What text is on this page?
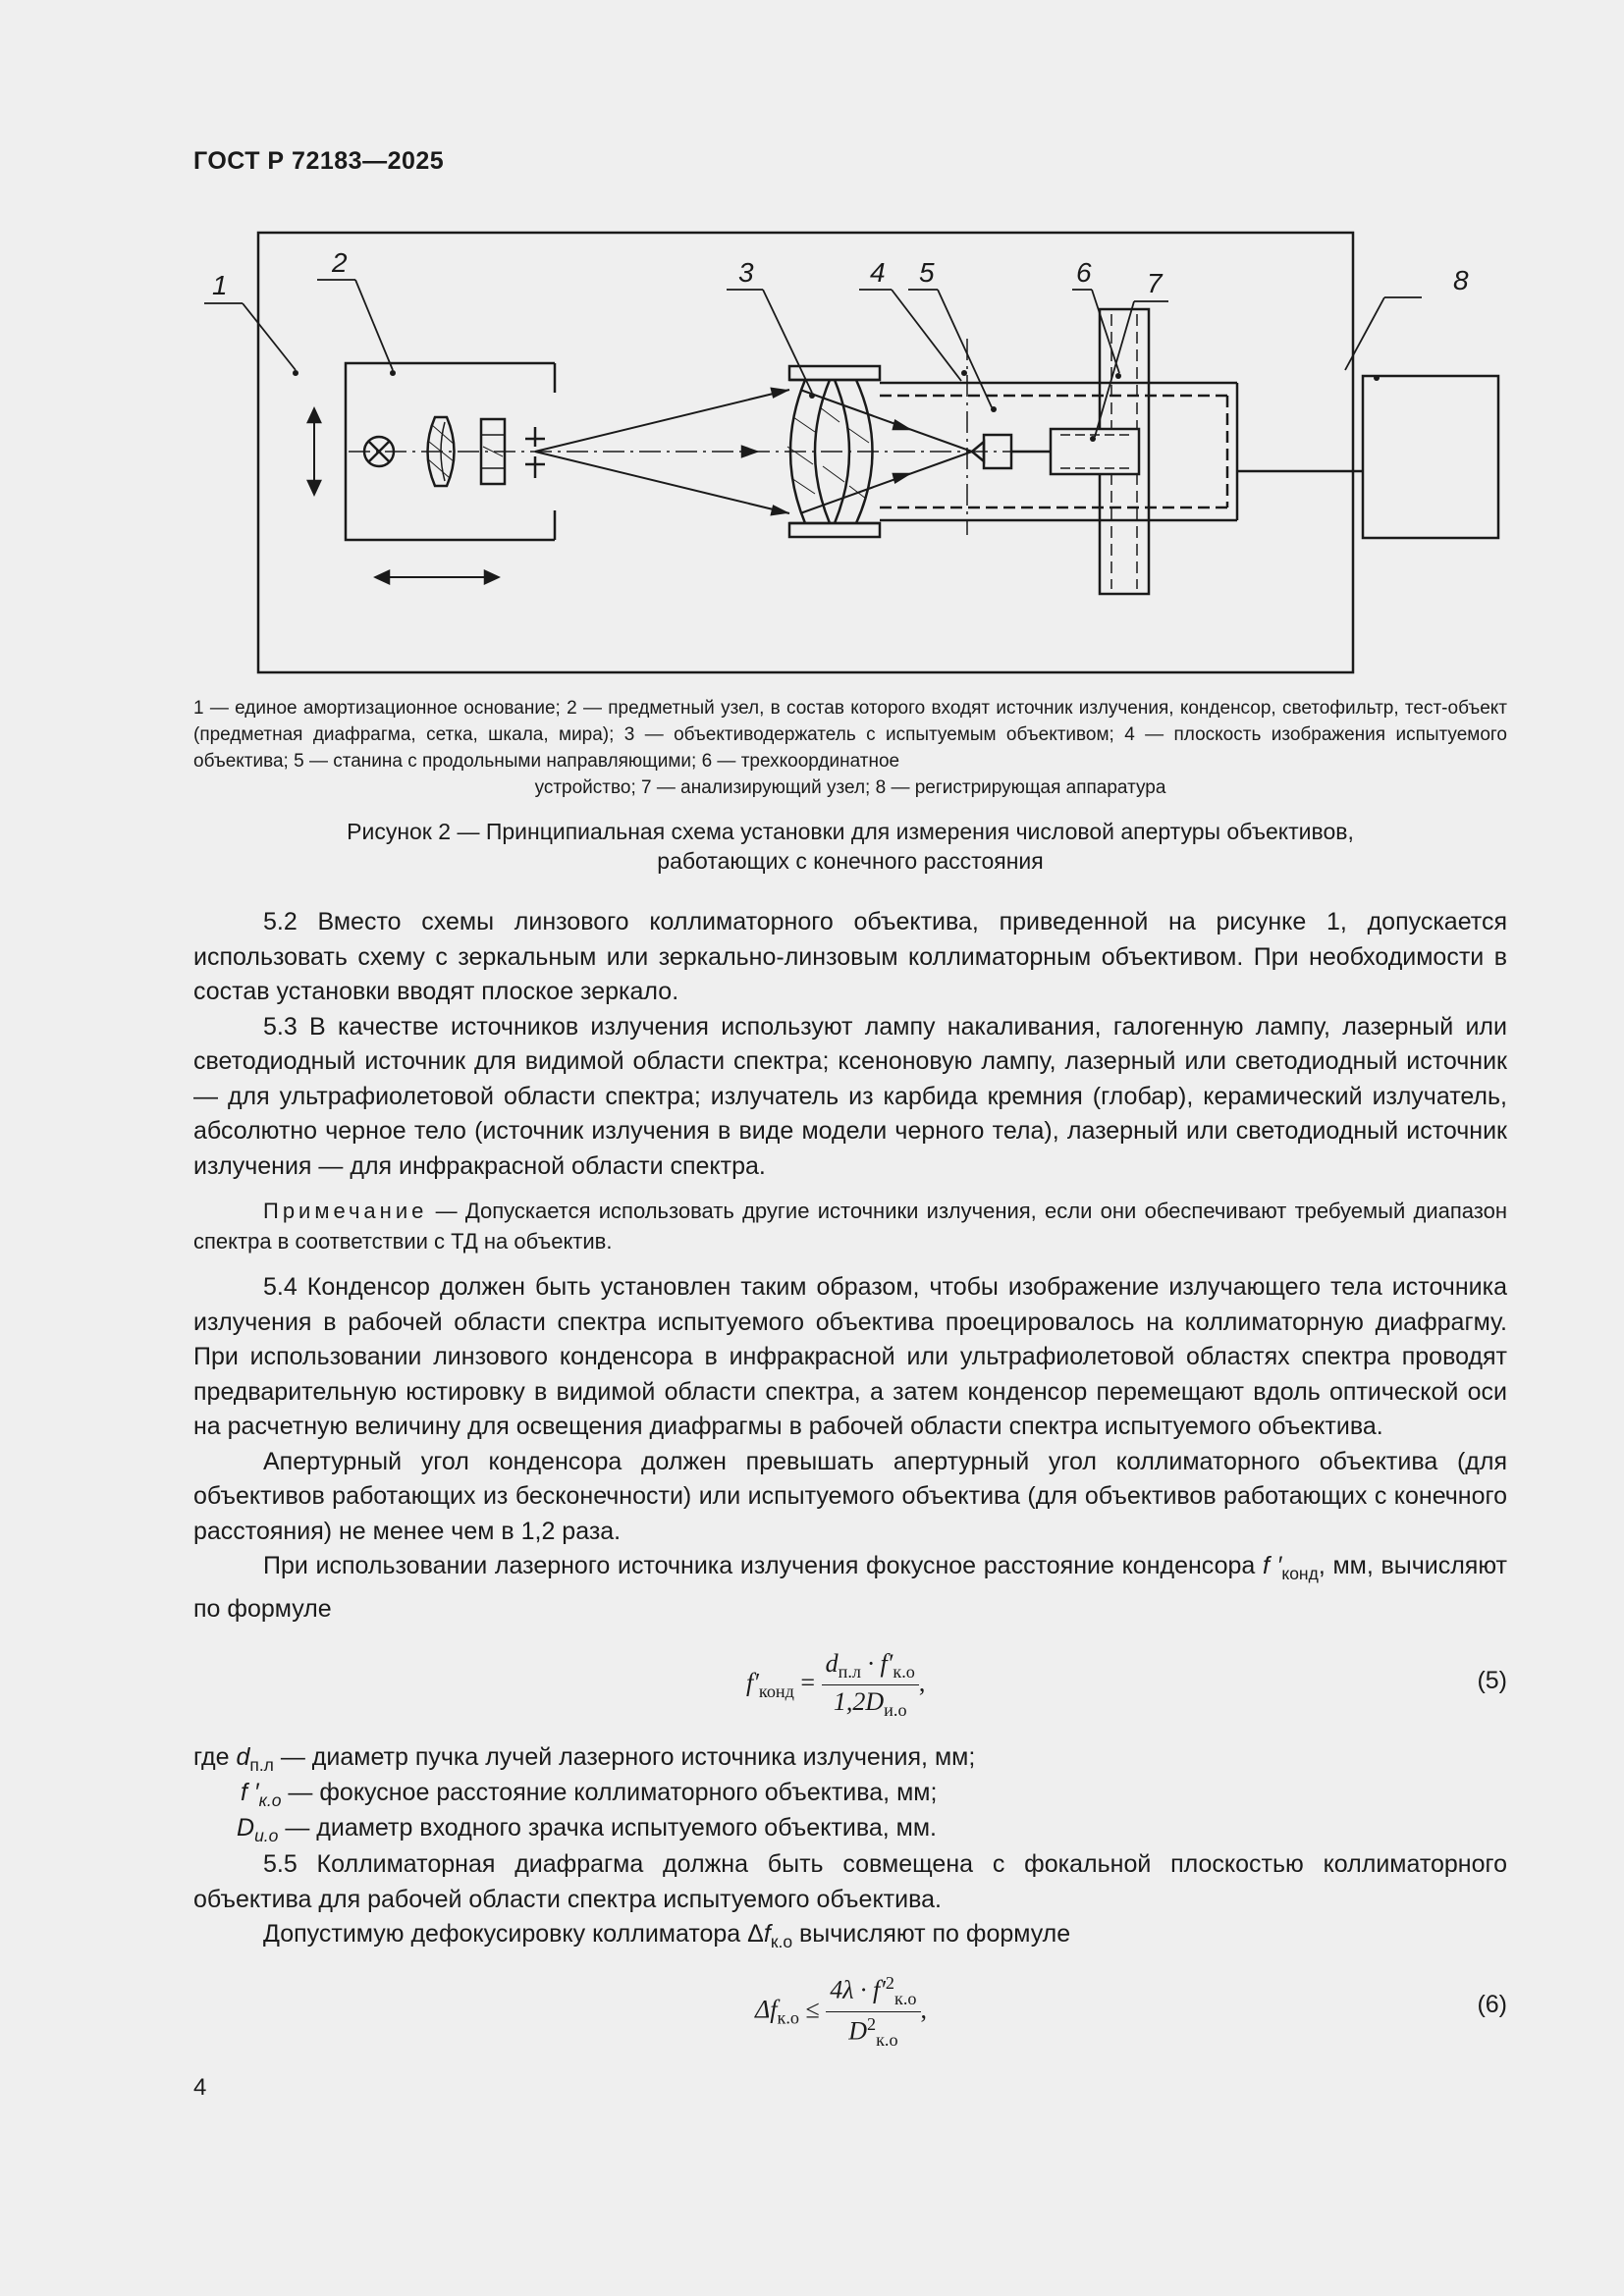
ГОСТ Р 72183—2025
1
2	3	4 5	6 7	8
1 — единое амортизационное основание; 2 — предметный узел, в состав которого входят источник излучения, конденсор, светофильтр, тест-объект (предметная диафрагма, сетка, шкала, мира); 3 — объективодержатель с испытуемым объективом; 4 — плоскость изображения испытуемого объектива; 5 — станина с продольными направляющими; 6 — трехкоординатное
устройство; 7 — анализирующий узел; 8 — регистрирующая аппаратура
Рисунок 2 — Принципиальная схема установки для измерения числовой апертуры объективов,
работающих с конечного расстояния

5.2 Вместо схемы линзового коллиматорного объектива, приведенной на рисунке 1, допускается использовать схему с зеркальным или зеркально-линзовым коллиматорным объективом. При необходимости в состав установки вводят плоское зеркало.

5.3 В качестве источников излучения используют лампу накаливания, галогенную лампу, лазерный или светодиодный источник для видимой области спектра; ксеноновую лампу, лазерный или светодиодный источник — для ультрафиолетовой области спектра; излучатель из карбида кремния (глобар), керамический излучатель, абсолютно черное тело (источник излучения в виде модели черного тела), лазерный или светодиодный источник излучения — для инфракрасной области спектра.

Примечание — Допускается использовать другие источники излучения, если они обеспечивают требуемый диапазон спектра в соответствии с ТД на объектив.

5.4 Конденсор должен быть установлен таким образом, чтобы изображение излучающего тела источника излучения в рабочей области спектра испытуемого объектива проецировалось на коллиматорную диафрагму. При использовании линзового конденсора в инфракрасной или ультрафиолетовой областях спектра проводят предварительную юстировку в видимой области спектра, а затем конденсор перемещают вдоль оптической оси на расчетную величину для освещения диафрагмы в рабочей области спектра испытуемого объектива.

Апертурный угол конденсора должен превышать апертурный угол коллиматорного объектива (для объективов работающих из бесконечности) или испытуемого объектива (для объективов работающих с конечного расстояния) не менее чем в 1,2 раза.

При использовании лазерного источника излучения фокусное расстояние конденсора f $'_{конд}$, мм, вычисляют по формуле

$f'_{конд} = \frac{d_{п.л} \cdot f'_{к.о}}{1,2D_{и.о}}$ ,	(5)
где $d_{п.л}$ — диаметр пучка лучей лазерного источника излучения, мм;
f $'_{к.о}$ — фокусное расстояние коллиматорного объектива, мм;
$D_{и.о}$ — диаметр входного зрачка испытуемого объектива, мм.

5.5 Коллиматорная диафрагма должна быть совмещена с фокальной плоскостью коллиматорного объектива для рабочей области спектра испытуемого объектива.

Допустимую дефокусировку коллиматора $\Delta f_{к.о}$ вычисляют по формуле

$\Delta f_{к.о} \le \frac{4\lambda \cdot f'^2_{к.о}}{D^2_{к.о}}$ ,	(6)
4
